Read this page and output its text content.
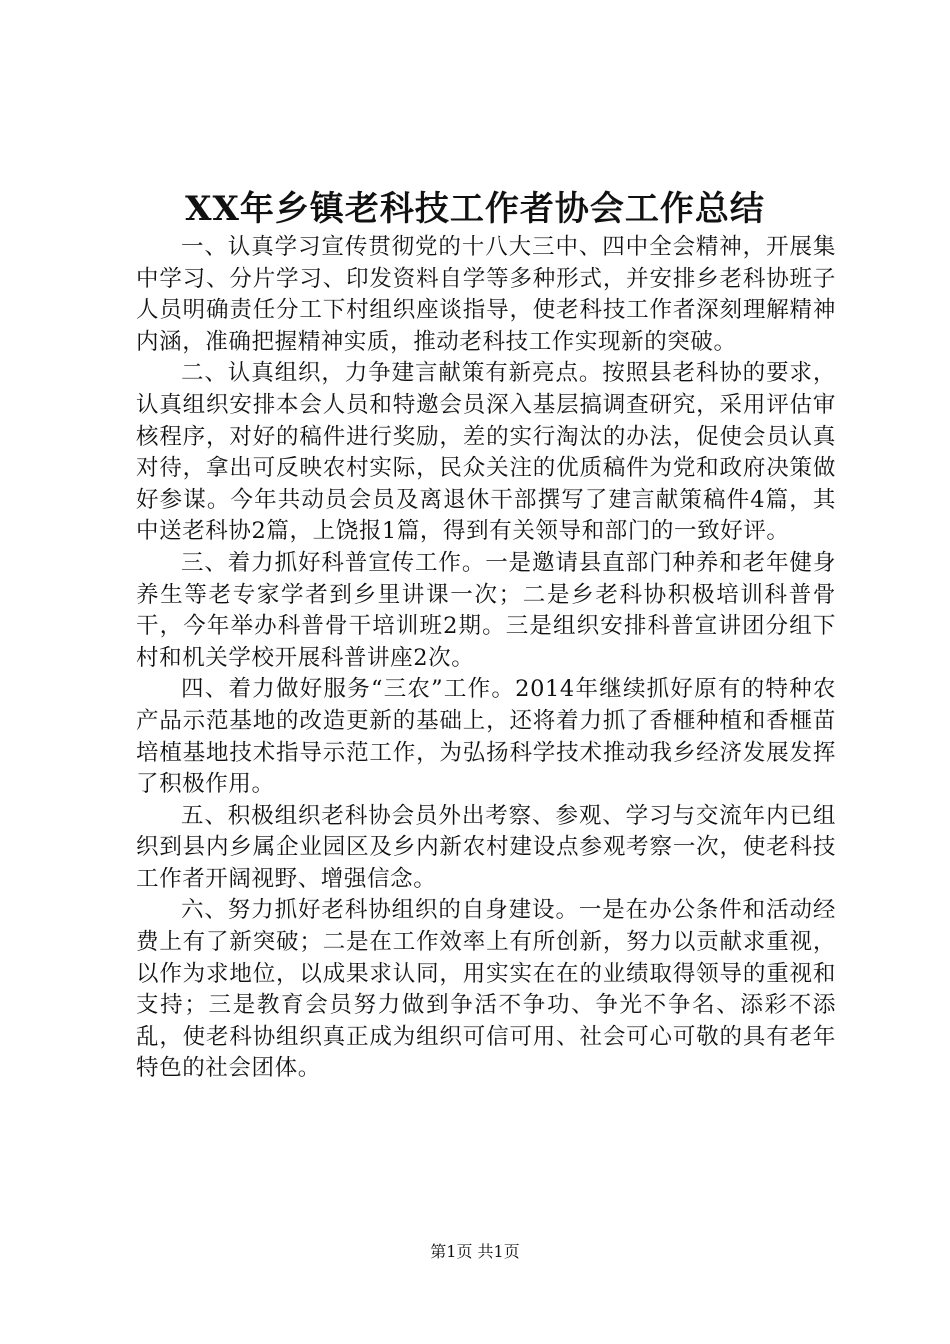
XX年乡镇老科技工作者协会工作总结

一、认真学习宣传贯彻党的十八大三中、四中全会精神，开展集中学习、分片学习、印发资料自学等多种形式，并安排乡老科协班子人员明确责任分工下村组织座谈指导，使老科技工作者深刻理解精神内涵，准确把握精神实质，推动老科技工作实现新的突破。

二、认真组织，力争建言献策有新亮点。按照县老科协的要求，认真组织安排本会人员和特邀会员深入基层搞调查研究，采用评估审核程序，对好的稿件进行奖励，差的实行淘汰的办法，促使会员认真对待，拿出可反映农村实际，民众关注的优质稿件为党和政府决策做好参谋。今年共动员会员及离退休干部撰写了建言献策稿件4篇，其中送老科协2篇，上饶报1篇，得到有关领导和部门的一致好评。

三、着力抓好科普宣传工作。一是邀请县直部门种养和老年健身养生等老专家学者到乡里讲课一次；二是乡老科协积极培训科普骨干，今年举办科普骨干培训班2期。三是组织安排科普宣讲团分组下村和机关学校开展科普讲座2次。

四、着力做好服务“三农”工作。2014年继续抓好原有的特种农产品示范基地的改造更新的基础上，还将着力抓了香榧种植和香榧苗培植基地技术指导示范工作，为弘扬科学技术推动我乡经济发展发挥了积极作用。

五、积极组织老科协会员外出考察、参观、学习与交流年内已组织到县内乡属企业园区及乡内新农村建设点参观考察一次，使老科技工作者开阔视野、增强信念。

六、努力抓好老科协组织的自身建设。一是在办公条件和活动经费上有了新突破；二是在工作效率上有所创新，努力以贡献求重视，以作为求地位，以成果求认同，用实实在在的业绩取得领导的重视和支持；三是教育会员努力做到争活不争功、争光不争名、添彩不添乱，使老科协组织真正成为组织可信可用、社会可心可敬的具有老年特色的社会团体。

第1页 共1页
